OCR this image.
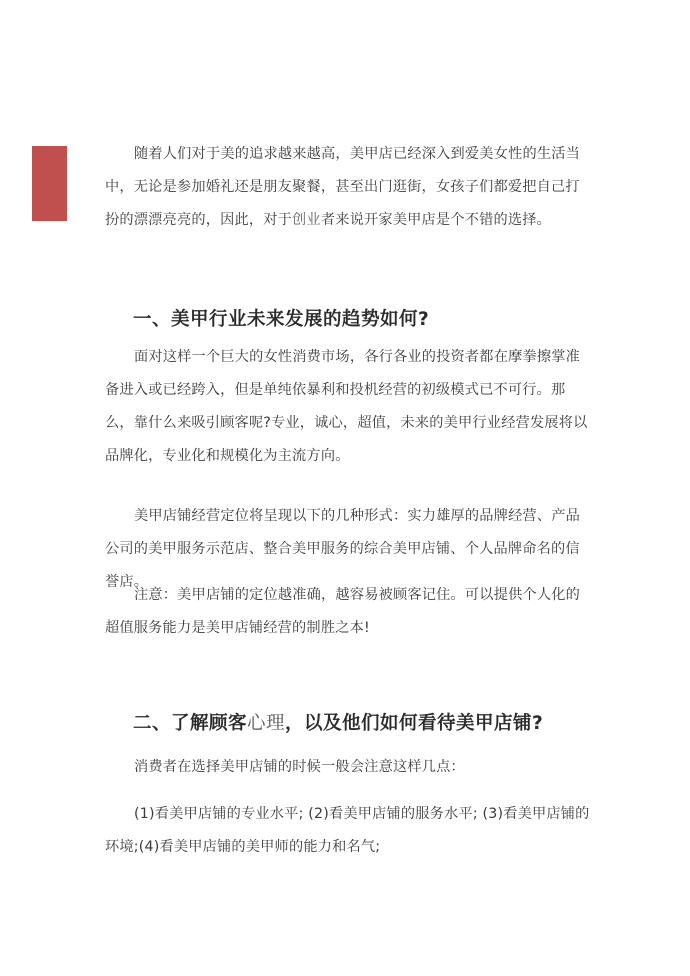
随着人们对于美的追求越来越高，美甲店已经深入到爱美女性的生活当中，无论是参加婚礼还是朋友聚餐，甚至出门逛街，女孩子们都爱把自己打扮的漂漂亮亮的，因此，对于创业者来说开家美甲店是个不错的选择。

一、美甲行业未来发展的趋势如何?

面对这样一个巨大的女性消费市场，各行各业的投资者都在摩拳擦掌准备进入或已经跨入，但是单纯依暴利和投机经营的初级模式已不可行。那么，靠什么来吸引顾客呢?专业，诚心，超值，未来的美甲行业经营发展将以品牌化，专业化和规模化为主流方向。

美甲店铺经营定位将呈现以下的几种形式：实力雄厚的品牌经营、产品公司的美甲服务示范店、整合美甲服务的综合美甲店铺、个人品牌命名的信誉店。

注意：美甲店铺的定位越准确，越容易被顾客记住。可以提供个人化的超值服务能力是美甲店铺经营的制胜之本!

二、了解顾客心理，以及他们如何看待美甲店铺?

消费者在选择美甲店铺的时候一般会注意这样几点：

(1)看美甲店铺的专业水平; (2)看美甲店铺的服务水平; (3)看美甲店铺的环境;(4)看美甲店铺的美甲师的能力和名气;
